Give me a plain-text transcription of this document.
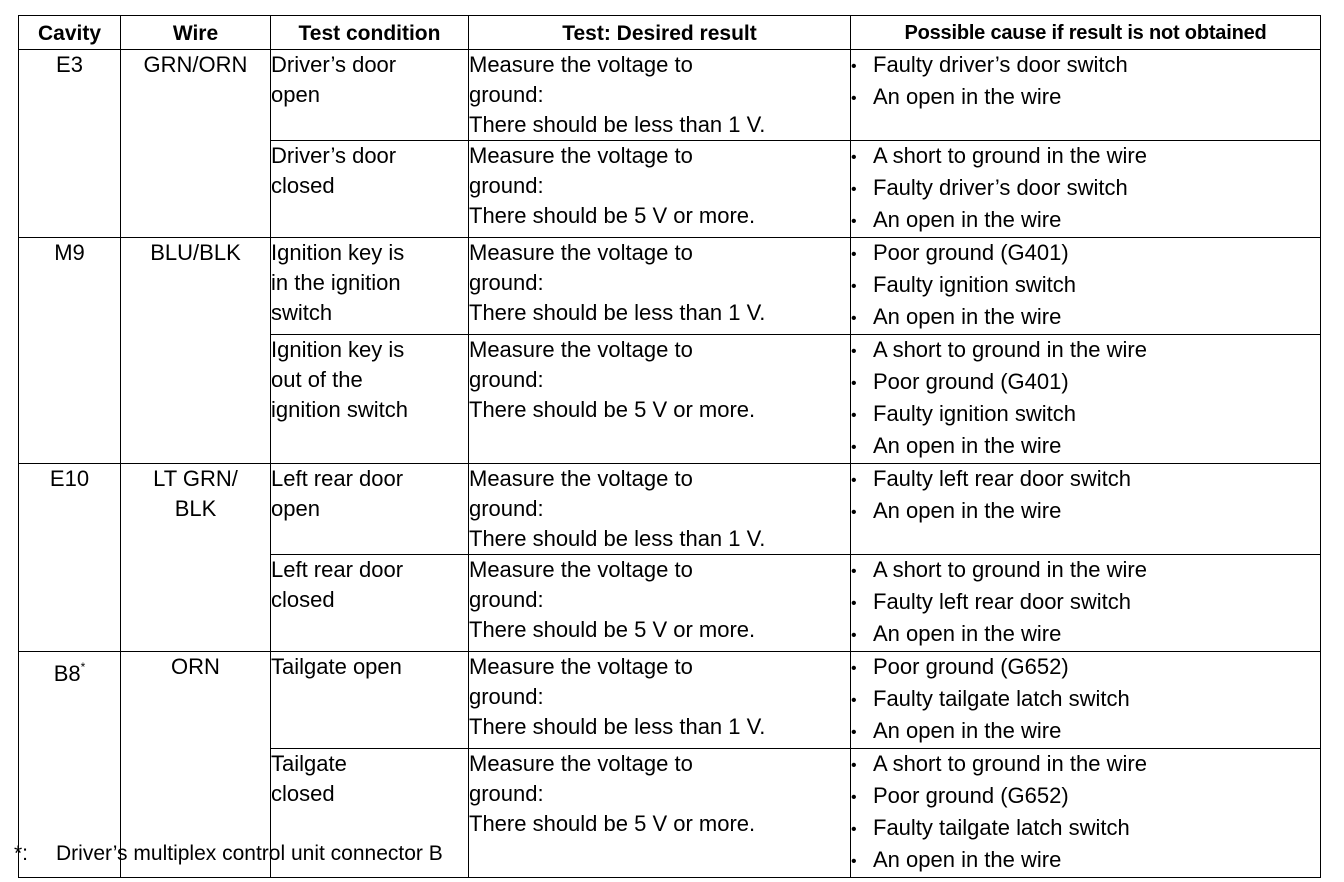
Cavity	Wire	Test condition	Test: Desired result	Possible cause if result is not obtained
E3	GRN/ORN	Driver’s door
open	Measure the voltage to
ground:
There should be less than 1 V.	• Faulty driver’s door switch
• An open in the wire

		Driver’s door
closed	Measure the voltage to
ground:
There should be 5 V or more.	• A short to ground in the wire
• Faulty driver’s door switch
• An open in the wire

M9	BLU/BLK	Ignition key is
in the ignition
switch	Measure the voltage to
ground:
There should be less than 1 V.	• Poor ground (G401)
• Faulty ignition switch
• An open in the wire

		Ignition key is
out of the
ignition switch	Measure the voltage to
ground:
There should be 5 V or more.	• A short to ground in the wire
• Poor ground (G401)
• Faulty ignition switch
• An open in the wire

E10	LT GRN/
BLK	Left rear door
open	Measure the voltage to
ground:
There should be less than 1 V.	• Faulty left rear door switch
• An open in the wire

		Left rear door
closed	Measure the voltage to
ground:
There should be 5 V or more.	• A short to ground in the wire
• Faulty left rear door switch
• An open in the wire

B8*	ORN	Tailgate open	Measure the voltage to
ground:
There should be less than 1 V.	• Poor ground (G652)
• Faulty tailgate latch switch
• An open in the wire

		Tailgate
closed	Measure the voltage to
ground:
There should be 5 V or more.	• A short to ground in the wire
• Poor ground (G652)
• Faulty tailgate latch switch
• An open in the wire
*: Driver’s multiplex control unit connector B
